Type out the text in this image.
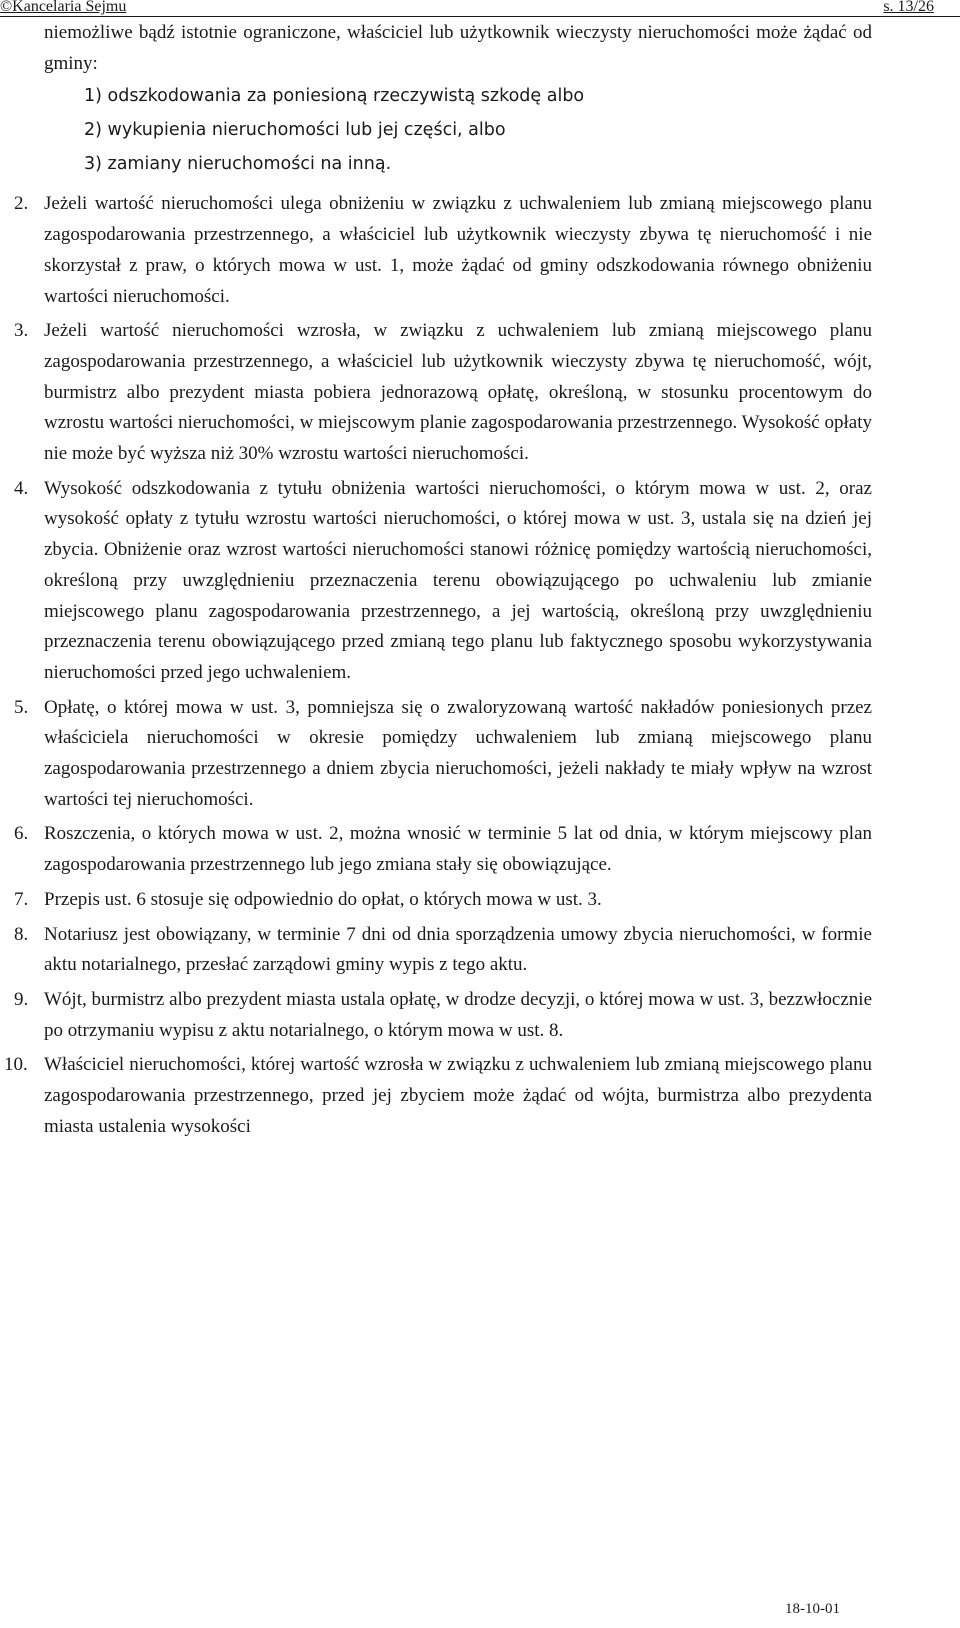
©Kancelaria Sejmu	s. 13/26
niemożliwe bądź istotnie ograniczone, właściciel lub użytkownik wieczysty nieruchomości może żądać od gminy:
1) odszkodowania za poniesioną rzeczywistą szkodę albo
2) wykupienia nieruchomości lub jej części, albo
3) zamiany nieruchomości na inną.
2. Jeżeli wartość nieruchomości ulega obniżeniu w związku z uchwaleniem lub zmianą miejscowego planu zagospodarowania przestrzennego, a właściciel lub użytkownik wieczysty zbywa tę nieruchomość i nie skorzystał z praw, o których mowa w ust. 1, może żądać od gminy odszkodowania równego obniżeniu wartości nieruchomości.
3. Jeżeli wartość nieruchomości wzrosła, w związku z uchwaleniem lub zmianą miejscowego planu zagospodarowania przestrzennego, a właściciel lub użytkownik wieczysty zbywa tę nieruchomość, wójt, burmistrz albo prezydent miasta pobiera jednorazową opłatę, określoną, w stosunku procentowym do wzrostu wartości nieruchomości, w miejscowym planie zagospodarowania przestrzennego. Wysokość opłaty nie może być wyższa niż 30% wzrostu wartości nieruchomości.
4. Wysokość odszkodowania z tytułu obniżenia wartości nieruchomości, o którym mowa w ust. 2, oraz wysokość opłaty z tytułu wzrostu wartości nieruchomości, o której mowa w ust. 3, ustala się na dzień jej zbycia. Obniżenie oraz wzrost wartości nieruchomości stanowi różnicę pomiędzy wartością nieruchomości, określoną przy uwzględnieniu przeznaczenia terenu obowiązującego po uchwaleniu lub zmianie miejscowego planu zagospodarowania przestrzennego, a jej wartością, określoną przy uwzględnieniu przeznaczenia terenu obowiązującego przed zmianą tego planu lub faktycznego sposobu wykorzystywania nieruchomości przed jego uchwaleniem.
5. Opłatę, o której mowa w ust. 3, pomniejsza się o zwaloryzowaną wartość nakładów poniesionych przez właściciela nieruchomości w okresie pomiędzy uchwaleniem lub zmianą miejscowego planu zagospodarowania przestrzennego a dniem zbycia nieruchomości, jeżeli nakłady te miały wpływ na wzrost wartości tej nieruchomości.
6. Roszczenia, o których mowa w ust. 2, można wnosić w terminie 5 lat od dnia, w którym miejscowy plan zagospodarowania przestrzennego lub jego zmiana stały się obowiązujące.
7. Przepis ust. 6 stosuje się odpowiednio do opłat, o których mowa w ust. 3.
8. Notariusz jest obowiązany, w terminie 7 dni od dnia sporządzenia umowy zbycia nieruchomości, w formie aktu notarialnego, przesłać zarządowi gminy wypis z tego aktu.
9. Wójt, burmistrz albo prezydent miasta ustala opłatę, w drodze decyzji, o której mowa w ust. 3, bezzwłocznie po otrzymaniu wypisu z aktu notarialnego, o którym mowa w ust. 8.
10. Właściciel nieruchomości, której wartość wzrosła w związku z uchwaleniem lub zmianą miejscowego planu zagospodarowania przestrzennego, przed jej zbyciem może żądać od wójta, burmistrza albo prezydenta miasta ustalenia wysokości
18-10-01
